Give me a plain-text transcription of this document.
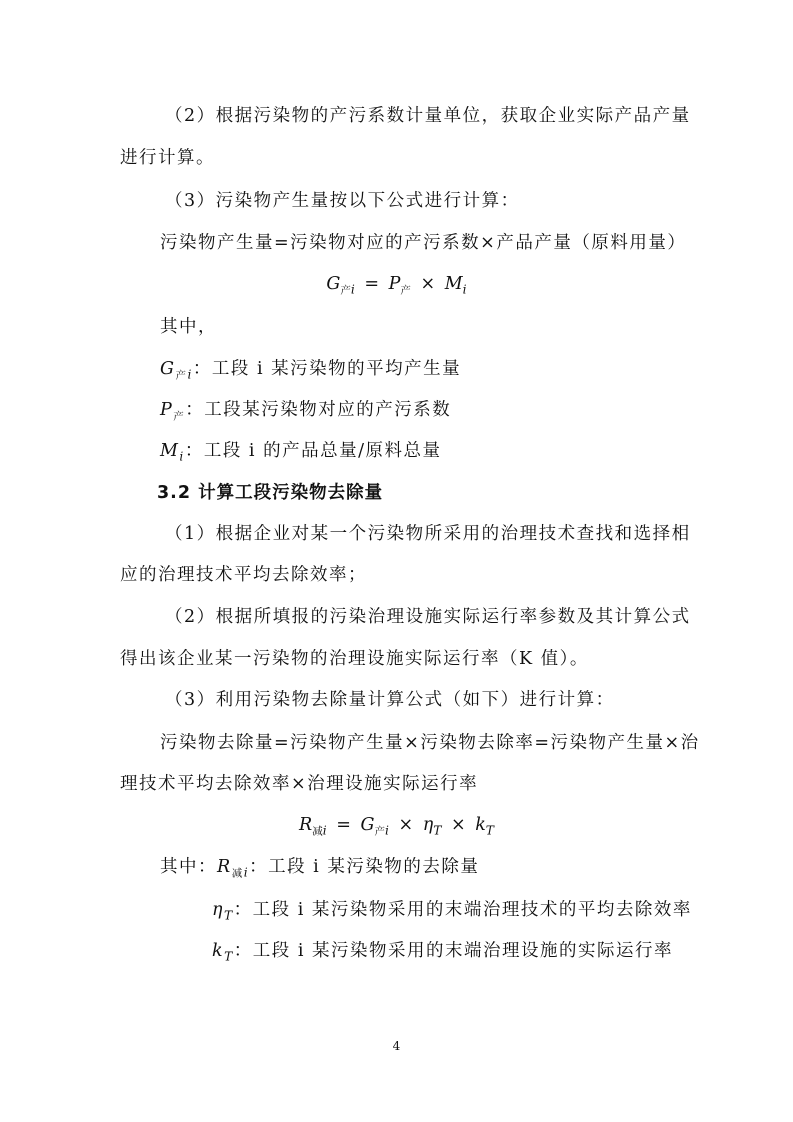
（2）根据污染物的产污系数计量单位，获取企业实际产品产量
进行计算。
（3）污染物产生量按以下公式进行计算：
污染物产生量=污染物对应的产污系数×产品产量（原料用量）
$G_{产i} = P_产 \times M_i$
其中，
$G_{产i}$：工段 i 某污染物的平均产生量
$P_产$：工段某污染物对应的产污系数
$M_i$：工段 i 的产品总量/原料总量
3.2 计算工段污染物去除量
（1）根据企业对某一个污染物所采用的治理技术查找和选择相
应的治理技术平均去除效率；
（2）根据所填报的污染治理设施实际运行率参数及其计算公式
得出该企业某一污染物的治理设施实际运行率（K 值）。
（3）利用污染物去除量计算公式（如下）进行计算：
污染物去除量=污染物产生量×污染物去除率=污染物产生量×治
理技术平均去除效率×治理设施实际运行率
$R_{减i} = G_{产i} \times \eta_T \times k_T$
其中：$R_{减i}$：工段 i 某污染物的去除量
$\eta_T$：工段 i 某污染物采用的末端治理技术的平均去除效率
$k_T$：工段 i 某污染物采用的末端治理设施的实际运行率
4
